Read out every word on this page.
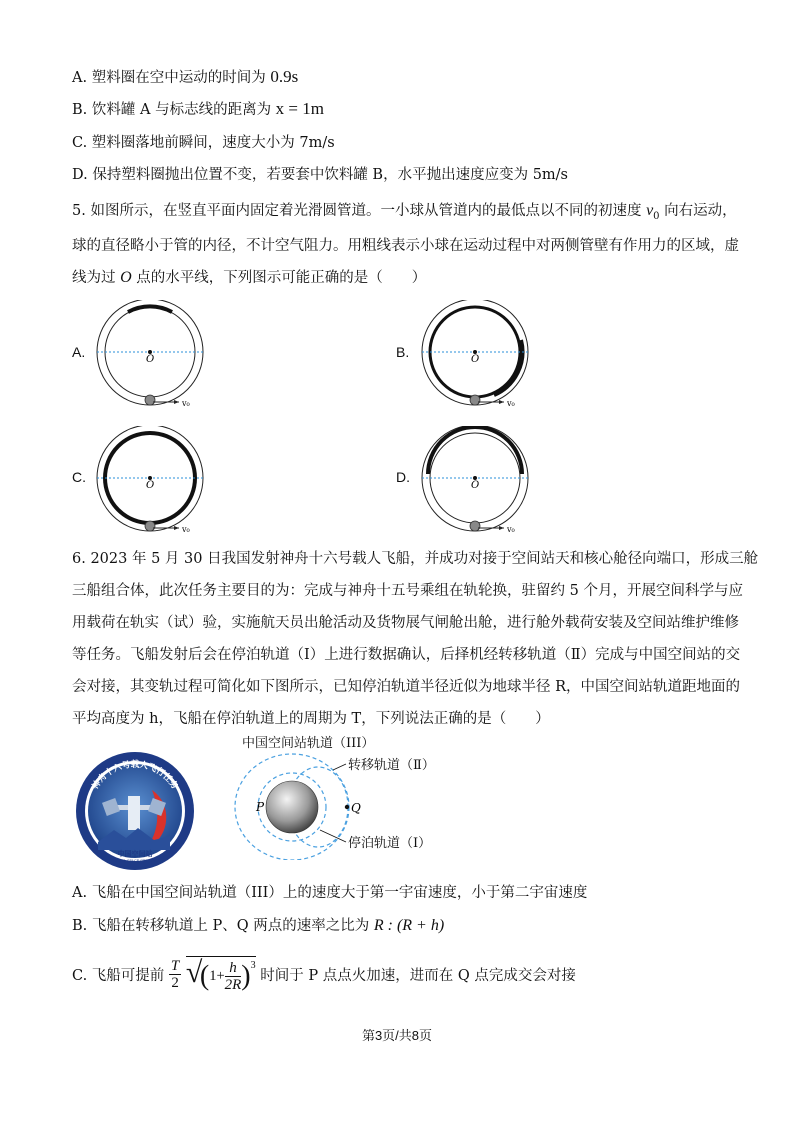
A. 塑料圈在空中运动的时间为 0.9s
B. 饮料罐 A 与标志线的距离为 x = 1m
C. 塑料圈落地前瞬间，速度大小为 7m/s
D. 保持塑料圈抛出位置不变，若要套中饮料罐 B，水平抛出速度应变为 5m/s
5. 如图所示，在竖直平面内固定着光滑圆管道。一小球从管道内的最低点以不同的初速度 $v_0$ 向右运动，
球的直径略小于管的内径，不计空气阻力。用粗线表示小球在运动过程中对两侧管壁有作用力的区域，虚
线为过 O 点的水平线，下列图示可能正确的是（　　）
A.	B.
C.	D.
O
v₀
O
v₀
O
v₀
O
v₀
6. 2023 年 5 月 30 日我国发射神舟十六号载人飞船，并成功对接于空间站天和核心舱径向端口，形成三舱
三船组合体，此次任务主要目的为：完成与神舟十五号乘组在轨轮换，驻留约 5 个月，开展空间科学与应
用载荷在轨实（试）验，实施航天员出舱活动及货物展气闸舱出舱，进行舱外载荷安装及空间站维护维修
等任务。飞船发射后会在停泊轨道（Ⅰ）上进行数据确认，后择机经转移轨道（Ⅱ）完成与中国空间站的交
会对接，其变轨过程可简化如下图所示，已知停泊轨道半径近似为地球半径 R，中国空间站轨道距地面的
平均高度为 h，飞船在停泊轨道上的周期为 T，下列说法正确的是（　　）
神舟十六号载人飞行任务
中国空间站
CHINA SPACE STATION
中国空间站轨道（III）
转移轨道（Ⅱ）
停泊轨道（Ⅰ）
Q
P
A. 飞船在中国空间站轨道（III）上的速度大于第一宇宙速度，小于第二宇宙速度
B. 飞船在转移轨道上 P、Q 两点的速率之比为 R : (R + h)
C. 飞船可提前 $\frac{T}{2}$
√
$(1+ \frac{h}{2R} )^3$ 时间于 P 点点火加速，进而在 Q 点完成交会对接
第3页/共8页
